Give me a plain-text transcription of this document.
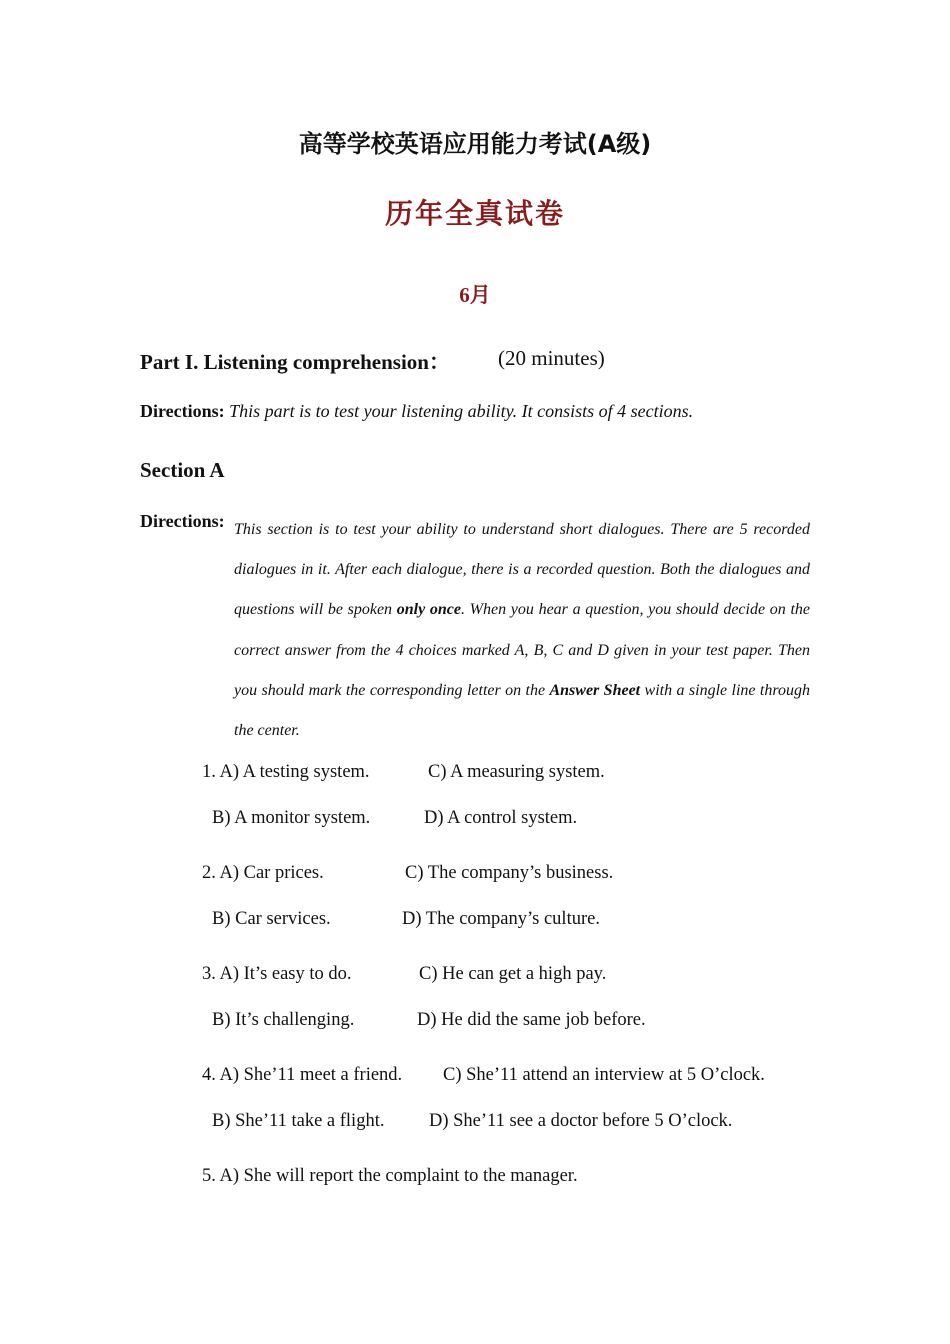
高等学校英语应用能力考试(A级)
历年全真试卷
6月
Part I. Listening comprehension： (20 minutes)
Directions: This part is to test your listening ability. It consists of 4 sections.
Section A
Directions: This section is to test your ability to understand short dialogues. There are 5 recorded dialogues in it. After each dialogue, there is a recorded question. Both the dialogues and questions will be spoken only once. When you hear a question, you should decide on the correct answer from the 4 choices marked A, B, C and D given in your test paper. Then you should mark the corresponding letter on the Answer Sheet with a single line through the center.
1. A) A testing system.	C) A measuring system.
B) A monitor system.	D) A control system.
2. A) Car prices.	C) The company’s business.
B) Car services.	D) The company’s culture.
3. A) It’s easy to do.	C) He can get a high pay.
B) It’s challenging.	D) He did the same job before.
4. A) She’11 meet a friend. C) She’11 attend an interview at 5 O’clock.
B) She’11 take a flight. D) She’11 see a doctor before 5 O’clock.
5. A) She will report the complaint to the manager.
